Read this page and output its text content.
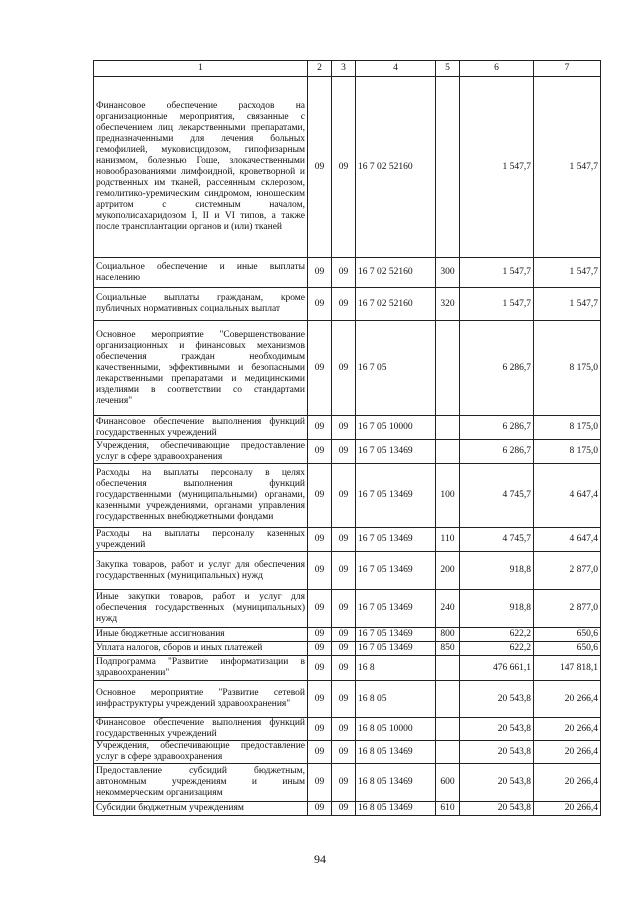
1	2	3	4	5	6	7
Финансовое обеспечение расходов на организационные мероприятия, связанные с обеспечением лиц лекарственными препаратами, предназначенными для лечения больных гемофилией, муковисцидозом, гипофизарным нанизмом, болезнью Гоше, злокачественными новообразованиями лимфоидной, кроветворной и родственных им тканей, рассеянным склерозом, гемолитико-уремическим синдромом, юношеским артритом с системным началом, мукополисахаридозом I, II и VI типов, а также после трансплантации органов и (или) тканей	09	09	16 7 02 52160		1 547,7	1 547,7
Социальное обеспечение и иные выплаты населению	09	09	16 7 02 52160	300	1 547,7	1 547,7
Социальные выплаты гражданам, кроме публичных нормативных социальных выплат	09	09	16 7 02 52160	320	1 547,7	1 547,7
Основное мероприятие "Совершенствование организационных и финансовых механизмов обеспечения граждан необходимым качественными, эффективными и безопасными лекарственными препаратами и медицинскими изделиями в соответствии со стандартами лечения"	09	09	16 7 05		6 286,7	8 175,0
Финансовое обеспечение выполнения функций государственных учреждений	09	09	16 7 05 10000		6 286,7	8 175,0
Учреждения, обеспечивающие предоставление услуг в сфере здравоохранения	09	09	16 7 05 13469		6 286,7	8 175,0
Расходы на выплаты персоналу в целях обеспечения выполнения функций государственными (муниципальными) органами, казенными учреждениями, органами управления государственных внебюджетными фондами	09	09	16 7 05 13469	100	4 745,7	4 647,4
Расходы на выплаты персоналу казенных учреждений	09	09	16 7 05 13469	110	4 745,7	4 647,4
Закупка товаров, работ и услуг для обеспечения государственных (муниципальных) нужд	09	09	16 7 05 13469	200	918,8	2 877,0
Иные закупки товаров, работ и услуг для обеспечения государственных (муниципальных) нужд	09	09	16 7 05 13469	240	918,8	2 877,0
Иные бюджетные ассигнования	09	09	16 7 05 13469	800	622,2	650,6
Уплата налогов, сборов и иных платежей	09	09	16 7 05 13469	850	622,2	650,6
Подпрограмма "Развитие информатизации в здравоохранении"	09	09	16 8		476 661,1	147 818,1
Основное мероприятие "Развитие сетевой инфраструктуры учреждений здравоохранения"	09	09	16 8 05		20 543,8	20 266,4
Финансовое обеспечение выполнения функций государственных учреждений	09	09	16 8 05 10000		20 543,8	20 266,4
Учреждения, обеспечивающие предоставление услуг в сфере здравоохранения	09	09	16 8 05 13469		20 543,8	20 266,4
Предоставление субсидий бюджетным, автономным учреждениям и иным некоммерческим организациям	09	09	16 8 05 13469	600	20 543,8	20 266,4
Субсидии бюджетным учреждениям	09	09	16 8 05 13469	610	20 543,8	20 266,4
94
